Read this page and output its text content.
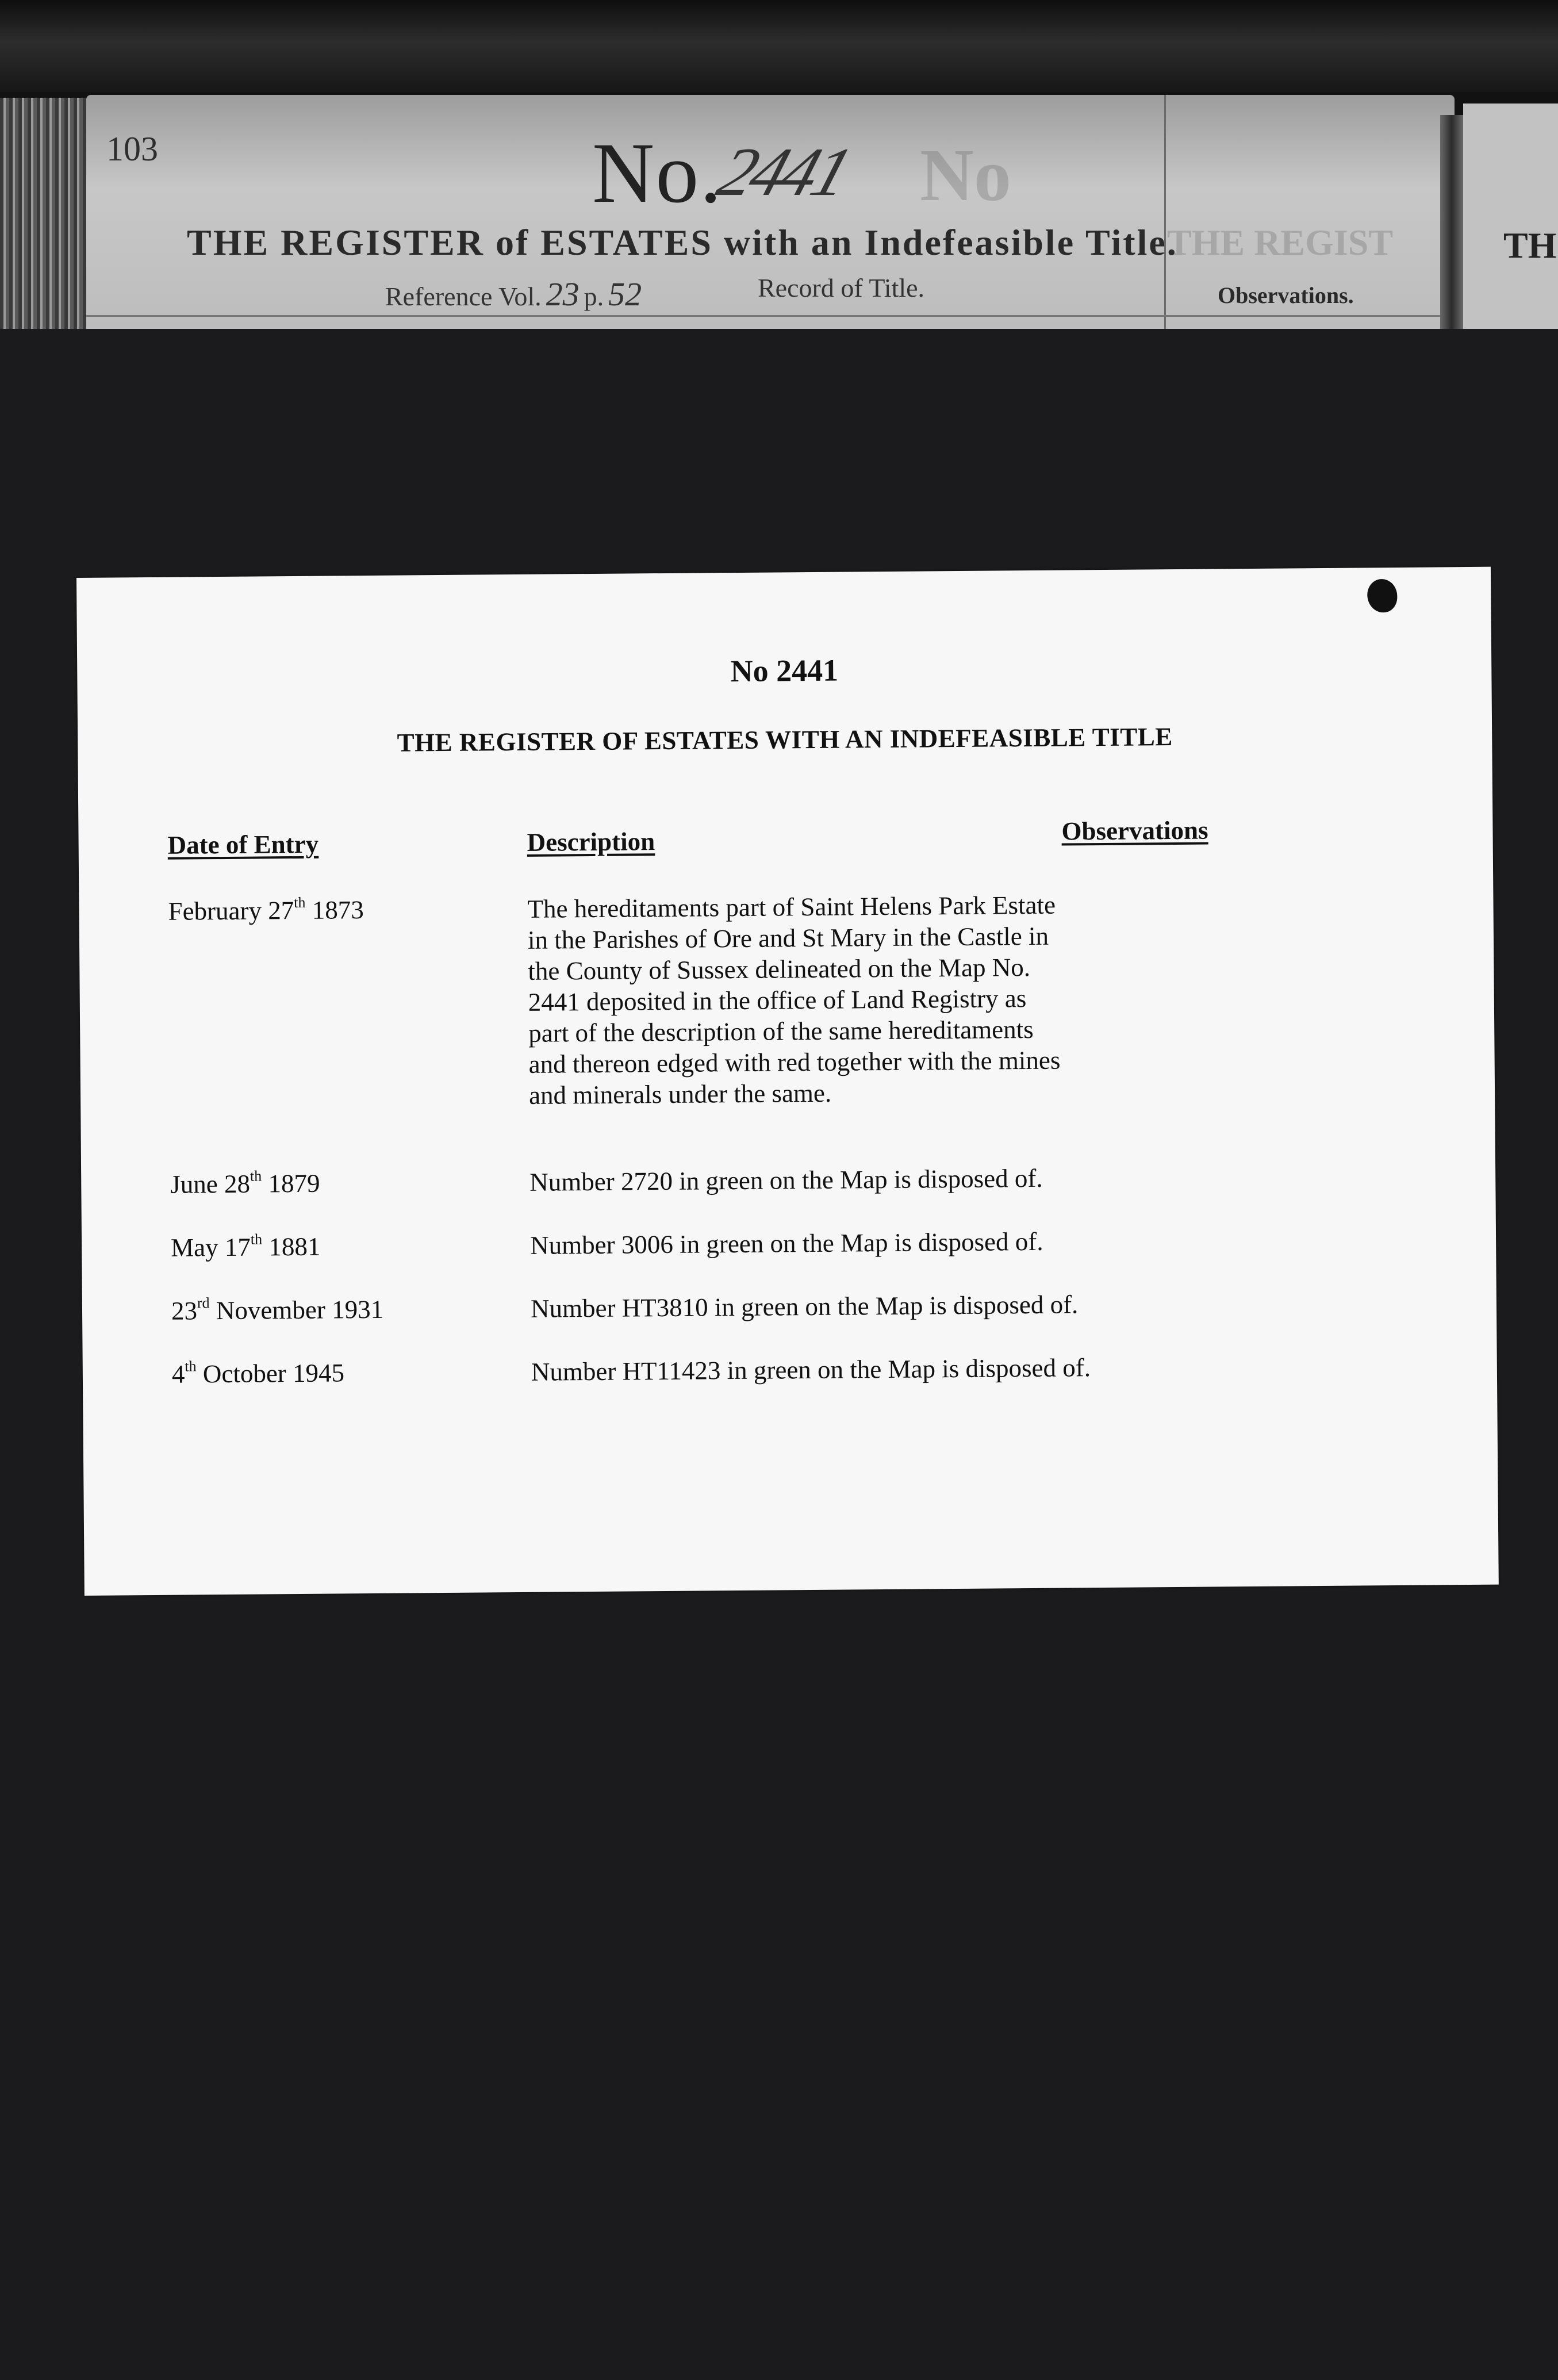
No
THE REGIST
103	No.
2441
THE REGISTER of ESTATES with an Indefeasible Title.
Reference Vol. 23 p. 52	Record of Title.	Observations.
TH
No 2441
THE REGISTER OF ESTATES WITH AN INDEFEASIBLE TITLE
Date of Entry	Description	Observations
February 27th 1873	The hereditaments part of Saint Helens Park Estate in the Parishes of Ore and St Mary in the Castle in the County of Sussex delineated on the Map No. 2441 deposited in the office of Land Registry as part of the description of the same hereditaments and thereon edged with red together with the mines and minerals under the same.
June 28th 1879	Number 2720 in green on the Map is disposed of.
May 17th 1881	Number 3006 in green on the Map is disposed of.
23rd November 1931	Number HT3810 in green on the Map is disposed of.
4th October 1945	Number HT11423 in green on the Map is disposed of.
